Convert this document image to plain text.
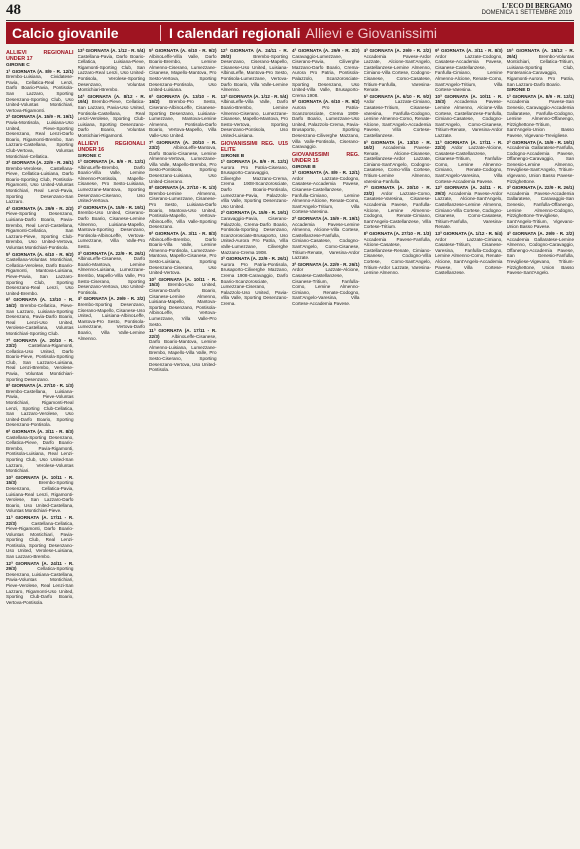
48	L'ECO DI BERGAMO
DOMENICA 1 SETTEMBRE 2019
Calcio giovanile	I calendari regionali Allievi e Giovanissimi
ALLIEVI REGIONALI UNDER 17
GIRONE C

1ª GIORNATA (A. 8/9 - R. 12/1) Brembo-Luisiana, Cividatese-Pavia, Cellatica-Real Lenzi, Darfo Boario-Pavia, Pontisola-San Lazzaro, Sporting Desenzano-Sporting Club, Uso United-Voluntas Montichiari, Vertova-Rigamonti.

2ª GIORNATA (A. 15/9 - R. 19/1) Pavia-Montisola, Luisiana-Uso United, Pieve-Sporting Desenzano, Real Lenzi-Darfo Boario, Rigamonti-Brembo, San Lazzaro-Castellana, Sporting Club-Vertova, Voluntas Montichiari-Cellatica.

3ª GIORNATA (A. 22/9 - R. 26/1) Brembo-Verolese, Castellana-Pieve, Cellatica-Luisiana, Darfo Boario-Sporting Club, Pontisola-Rigamonti, Uso United-Voluntas Montichiari, Real Lenzi-Pavia, Sporting Desenzano-San Lazzaro.

4ª GIORNATA (A. 29/9 - R. 2/2) Pieve-Sporting Desenzano, Luisiana-Darfo Boario, Pavia-Brembo, Real Lenzi-Castellana, Rigamonti-Cellatica, San Lazzaro-Pieve, Sporting Club-Brembo, Uso United-Vertova, Voluntas Montichiari-Pontisola.

5ª GIORNATA (A. 6/10 - R. 9/2) Castellana-Voluntas Montichiari, Cellatica-Verolese, Darfo Boario-Rigamonti, Mantova-Luisiana, Pieve-Pavia, San Lazzaro-Sporting Club, Sporting Desenzano-Real Lenzi, Uso United-Brembo.

6ª GIORNATA (A. 13/10 - R. 16/2) Brembo-Cellatica, Pieve-San Lazzaro, Luisiana-Sporting Desenzano, Pavia-Darfo Boario, Real Lenzi-Uso United, Verolese-Castellana, Voluntas Montichiari-Sporting Club.

7ª GIORNATA (A. 20/10 - R. 23/2) Castellana-Rigamonti, Cellatica-Uso United, Darfo Boario-Pieve, Pontisola-Sporting Club, San Lazzaro-Luisiana, Real Lenzi-Brembo, Verolese-Pavia, Voluntas Montichiari-Sporting Desenzano.

8ª GIORNATA (A. 27/10 - R. 1/3) Brembo-Castellana, Luisiana-Pavia, Pieve-Voluntas Montichiari, Rigamonti-Real Lenzi, Sporting Club-Cellatica, San Lazzaro-Verolese, Uso United-Darfo Boario, Sporting Desenzano-Pontisola.

9ª GIORNATA (A. 3/11 - R. 8/3) Castellana-Sporting Desenzano, Cellatica-Pieve, Darfo Boario-Brembo, Pavia-Rigamonti, Pontisola-Luisiana, Real Lenzi-Sporting Club, Uso United-San Lazzaro, Verolese-Voluntas Montichiari.

10ª GIORNATA (A. 10/11 - R. 15/3) Brembo-Sporting Desenzano, Cellatica-Pavia, Luisiana-Real Lenzi, Rigamonti-Verolese, San Lazzaro-Darfo Boario, Uso United-Castellana, Voluntas Montichiari-Pieve.

11ª GIORNATA (A. 17/11 - R. 22/3) Castellana-Cellatica, Pieve-Rigamonti, Darfo Boario-Voluntas Montichiari, Pavia-Sporting Club, Real Lenzi-Pontisola, Sporting Desenzano-Uso United, Verolese-Luisiana, San Lazzaro-Brembo.

12ª GIORNATA (A. 24/11 - R. 29/3) Cellatica-Sporting Desenzano, Luisiana-Castellana, Pavia-Voluntas Montichiari, Pieve-Verolese, Real Lenzi-San Lazzaro, Rigamonti-Uso United, Sporting Club-Darfo Boario, Vertova-Pontisola.

13ª GIORNATA (A. 1/12 - R. 5/4) Castellana-Pavia, Darfo Boario-Cellatica, Luisiana-Pieve, Rigamonti-Sporting Club, San Lazzaro-Real Lenzi, Uso United-Pontisola, Verolese-Sporting Desenzano, Voluntas Montichiari-Brembo.

14ª GIORNATA (A. 8/12 - R. 19/4) Brembo-Pieve, Cellatica-San Lazzaro, Pavia-Uso United, Pontisola-Castellana, Real Lenzi-Verolese, Sporting Club-Luisiana, Sporting Desenzano-Darfo Boario, Voluntas Montichiari-Rigamonti.

ALLIEVI REGIONALI UNDER 16
GIRONE C

1ª GIORNATA (A. 8/9 - R. 12/1) AlbinoLeffe-Brembo, Darfo Boario-Villa Valle, Lemine Almenno-Pontisola, Mapello-Cisanese, Pro Sesto-Luisiana, Lumezzane-Mantova, Sporting Desenzano-Ciserano, Uso United-Vertova.

2ª GIORNATA (A. 15/9 - R. 19/1) Brembo-Uso United, Ciserano-Darfo Boario, Cisanese-Lemine Almenno, Luisiana-Mapello, Mantova-Sporting Desenzano, Pontisola-AlbinoLeffe, Vertova-Lumezzane, Villa Valle-Pro Sesto.

3ª GIORNATA (A. 22/9 - R. 26/1) AlbinoLeffe-Cisanese, Darfo Boario-Mantova, Lemine Almenno-Luisiana, Lumezzane-Brembo, Mapello-Villa Valle, Pro Sesto-Ciserano, Sporting Desenzano-Vertova, Uso United-Pontisola.

4ª GIORNATA (A. 29/9 - R. 2/2) Brembo-Sporting Desenzano, Ciserano-Mapello, Cisanese-Uso United, Luisiana-AlbinoLeffe, Mantova-Pro Sesto, Pontisola-Lumezzane, Vertova-Darfo Boario, Villa Valle-Lemine Almenno.

5ª GIORNATA (A. 6/10 - R. 9/2) AlbinoLeffe-Villa Valle, Darfo Boario-Brembo, Lemine Almenno-Ciserano, Lumezzane-Cisanese, Mapello-Mantova, Pro Sesto-Vertova, Sporting Desenzano-Pontisola, Uso United-Luisiana.

6ª GIORNATA (A. 13/10 - R. 16/2) Brembo-Pro Sesto, Ciserano-AlbinoLeffe, Cisanese-Sporting Desenzano, Luisiana-Lumezzane, Mantova-Lemine Almenno, Pontisola-Darfo Boario, Vertova-Mapello, Villa Valle-Uso United.

7ª GIORNATA (A. 20/10 - R. 23/2) AlbinoLeffe-Mantova, Darfo Boario-Cisanese, Lemine Almenno-Vertova, Lumezzane-Villa Valle, Mapello-Brembo, Pro Sesto-Pontisola, Sporting Desenzano-Luisiana, Uso United-Ciserano.

8ª GIORNATA (A. 27/10 - R. 1/3) Brembo-Lemine Almenno, Ciserano-Lumezzane, Cisanese-Pro Sesto, Luisiana-Darfo Boario, Mantova-Uso United, Pontisola-Mapello, Vertova-AlbinoLeffe, Villa Valle-Sporting Desenzano.

9ª GIORNATA (A. 3/11 - R. 8/3) AlbinoLeffe-Brembo, Darfo Boario-Villa Valle, Lemine Almenno-Pontisola, Lumezzane-Mantova, Mapello-Cisanese, Pro Sesto-Luisiana, Sporting Desenzano-Ciserano, Uso United-Vertova.

10ª GIORNATA (A. 10/11 - R. 15/3) Brembo-Uso United, Ciserano-Darfo Boario, Cisanese-Lemine Almenno, Luisiana-Mapello, Mantova-Sporting Desenzano, Pontisola-AlbinoLeffe, Vertova-Lumezzane, Villa Valle-Pro Sesto.

11ª GIORNATA (A. 17/11 - R. 22/3) AlbinoLeffe-Cisanese, Darfo Boario-Mantova, Lemine Almenno-Luisiana, Lumezzane-Brembo, Mapello-Villa Valle, Pro Sesto-Ciserano, Sporting Desenzano-Vertova, Uso United-Pontisola.

12ª GIORNATA (A. 24/11 - R. 29/3) Brembo-Sporting Desenzano, Ciserano-Mapello, Cisanese-Uso United, Luisiana-AlbinoLeffe, Mantova-Pro Sesto, Pontisola-Lumezzane, Vertova-Darfo Boario, Villa Valle-Lemine Almenno.

13ª GIORNATA (A. 1/12 - R. 5/4) AlbinoLeffe-Villa Valle, Darfo Boario-Brembo, Lemine Almenno-Ciserano, Lumezzane-Cisanese, Mapello-Mantova, Pro Sesto-Vertova, Sporting Desenzano-Pontisola, Uso United-Luisiana.

GIOVANISSIMI REG. U15 ELITE
GIRONE B

1ª GIORNATA (A. 8/9 - R. 12/1) Aurora Pro Patria-Ciserano, Brusaporto-Caravaggio, Ciliverghe Mazzano-Crema, Crema 1908-Scanzorosciate, Darfo Boario-Pontisola, Lumezzane-Pavia, Palazzolo-Villa Valle, Sporting Desenzano-Uso United.

2ª GIORNATA (A. 15/9 - R. 19/1) Caravaggio-Pavia, Ciserano-Palazzolo, Crema-Darfo Boario, Pontisola-Sporting Desenzano, Scanzorosciate-Brusaporto, Uso United-Aurora Pro Patria, Villa Valle-Lumezzane, Ciliverghe Mazzano-Crema 1908.

3ª GIORNATA (A. 22/9 - R. 26/1) Aurora Pro Patria-Pontisola, Brusaporto-Ciliverghe Mazzano, Crema 1908-Caravaggio, Darfo Boario-Scanzorosciate, Lumezzane-Ciserano, Palazzolo-Uso United, Pavia-Villa Valle, Sporting Desenzano-Crema.

4ª GIORNATA (A. 29/9 - R. 2/2) Caravaggio-Lumezzane, Ciserano-Pavia, Ciliverghe Mazzano-Darfo Boario, Crema-Aurora Pro Patria, Pontisola-Palazzolo, Scanzorosciate-Sporting Desenzano, Uso United-Villa Valle, Brusaporto-Crema 1908.

5ª GIORNATA (A. 6/10 - R. 9/2) Aurora Pro Patria-Scanzorosciate, Crema 1908-Darfo Boario, Lumezzane-Uso United, Palazzolo-Crema, Pavia-Brusaporto, Sporting Desenzano-Ciliverghe Mazzano, Villa Valle-Pontisola, Ciserano-Caravaggio.

GIOVANISSIMI REG. UNDER 15
GIRONE B

1ª GIORNATA (A. 8/9 - R. 12/1) Ardor Lazzate-Codogno, Casatese-Accademia Pavese, Cisanese-Castellanzese, Fanfulla-Cimiano, Lemine Almenno-Alcione, Renate-Como, Sant'Angelo-Tritium, Villa Cortese-Varesina.

2ª GIORNATA (A. 15/9 - R. 19/1) Accademia Pavese-Lemine Almenno, Alcione-Villa Cortese, Castellanzese-Fanfulla, Cimiano-Casatese, Codogno-Sant'Angelo, Como-Cisanese, Tritium-Renate, Varesina-Ardor Lazzate.

3ª GIORNATA (A. 22/9 - R. 26/1) Ardor Lazzate-Alcione, Casatese-Castellanzese, Cisanese-Tritium, Fanfulla-Como, Lemine Almenno-Cimiano, Renate-Codogno, Sant'Angelo-Varesina, Villa Cortese-Accademia Pavese.

4ª GIORNATA (A. 29/9 - R. 2/2) Accademia Pavese-Ardor Lazzate, Alcione-Sant'Angelo, Castellanzese-Lemine Almenno, Cimiano-Villa Cortese, Codogno-Cisanese, Como-Casatese, Tritium-Fanfulla, Varesina-Renate.

5ª GIORNATA (A. 6/10 - R. 9/2) Ardor Lazzate-Cimiano, Casatese-Tritium, Cisanese-Varesina, Fanfulla-Codogno, Lemine Almenno-Como, Renate-Alcione, Sant'Angelo-Accademia Pavese, Villa Cortese-Castellanzese.

6ª GIORNATA (A. 13/10 - R. 16/2) Accademia Pavese-Renate, Alcione-Cisanese, Castellanzese-Ardor Lazzate, Cimiano-Sant'Angelo, Codogno-Casatese, Como-Villa Cortese, Tritium-Lemine Almenno, Varesina-Fanfulla.

7ª GIORNATA (A. 20/10 - R. 23/2) Ardor Lazzate-Como, Casatese-Varesina, Cisanese-Accademia Pavese, Fanfulla-Alcione, Lemine Almenno-Codogno, Renate-Cimiano, Sant'Angelo-Castellanzese, Villa Cortese-Tritium.

8ª GIORNATA (A. 27/10 - R. 1/3) Accademia Pavese-Fanfulla, Alcione-Casatese, Castellanzese-Renate, Cimiano-Cisanese, Codogno-Villa Cortese, Como-Sant'Angelo, Tritium-Ardor Lazzate, Varesina-Lemine Almenno.

9ª GIORNATA (A. 3/11 - R. 8/3) Ardor Lazzate-Codogno, Casatese-Accademia Pavese, Cisanese-Castellanzese, Fanfulla-Cimiano, Lemine Almenno-Alcione, Renate-Como, Sant'Angelo-Tritium, Villa Cortese-Varesina.

10ª GIORNATA (A. 10/11 - R. 15/3) Accademia Pavese-Lemine Almenno, Alcione-Villa Cortese, Castellanzese-Fanfulla, Cimiano-Casatese, Codogno-Sant'Angelo, Como-Cisanese, Tritium-Renate, Varesina-Ardor Lazzate.

11ª GIORNATA (A. 17/11 - R. 22/3) Ardor Lazzate-Alcione, Casatese-Castellanzese, Cisanese-Tritium, Fanfulla-Como, Lemine Almenno-Cimiano, Renate-Codogno, Sant'Angelo-Varesina, Villa Cortese-Accademia Pavese.

12ª GIORNATA (A. 24/11 - R. 29/3) Accademia Pavese-Ardor Lazzate, Alcione-Sant'Angelo, Castellanzese-Lemine Almenno, Cimiano-Villa Cortese, Codogno-Cisanese, Como-Casatese, Tritium-Fanfulla, Varesina-Renate.

13ª GIORNATA (A. 1/12 - R. 5/4) Ardor Lazzate-Cimiano, Casatese-Tritium, Cisanese-Varesina, Fanfulla-Codogno, Lemine Almenno-Como, Renate-Alcione, Sant'Angelo-Accademia Pavese, Villa Cortese-Castellanzese.

15ª GIORNATA (A. 15/12 - R. 26/4) Brembo-Voluntas Montichiari, Cellatica-Tritium, Luisiana-Sporting Club, Ponteranica-Caravaggio, Rigamonti-Aurora Pro Patria, San Lazzaro-Darfo Boario.

GIRONE D

1ª GIORNATA (A. 8/9 - R. 12/1) Accademia Pavese-San Genesio, Caravaggio-Accademia Gallaratese, Fanfulla-Codogno, Lemine Almenno-Offanengo, Pizzighettone-Tritium, Sant'Angelo-Union Basso Pavese, Vigevano-Trevigliese.

2ª GIORNATA (A. 15/9 - R. 19/1) Accademia Gallaratese-Fanfulla, Codogno-Accademia Pavese, Offanengo-Caravaggio, San Genesio-Lemine Almenno, Trevigliese-Sant'Angelo, Tritium-Vigevano, Union Basso Pavese-Pizzighettone.

3ª GIORNATA (A. 22/9 - R. 26/1) Accademia Pavese-Accademia Gallaratese, Caravaggio-San Genesio, Fanfulla-Offanengo, Lemine Almenno-Codogno, Pizzighettone-Trevigliese, Sant'Angelo-Tritium, Vigevano-Union Basso Pavese.

4ª GIORNATA (A. 29/9 - R. 2/2) Accademia Gallaratese-Lemine Almenno, Codogno-Caravaggio, Offanengo-Accademia Pavese, San Genesio-Fanfulla, Trevigliese-Vigevano, Tritium-Pizzighettone, Union Basso Pavese-Sant'Angelo.
